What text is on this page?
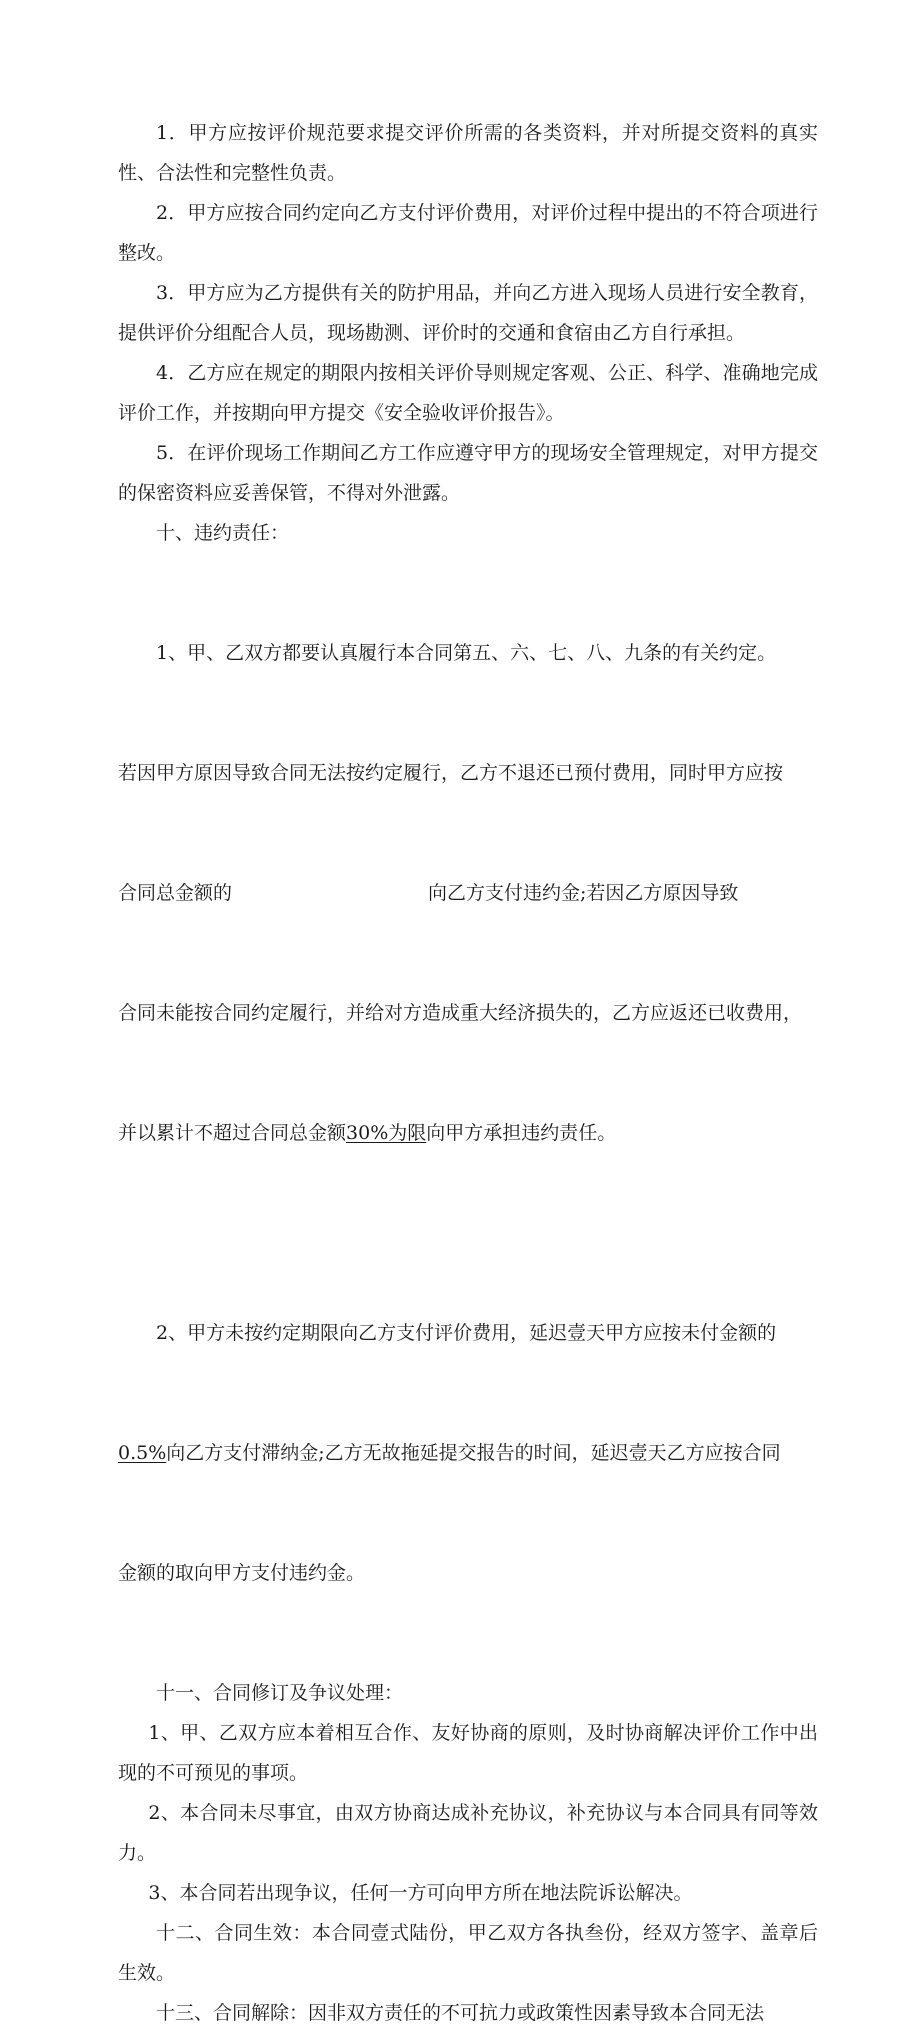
1．甲方应按评价规范要求提交评价所需的各类资料，并对所提交资料的真实性、合法性和完整性负责。

2．甲方应按合同约定向乙方支付评价费用，对评价过程中提出的不符合项进行整改。

3．甲方应为乙方提供有关的防护用品，并向乙方进入现场人员进行安全教育，提供评价分组配合人员，现场勘测、评价时的交通和食宿由乙方自行承担。

4．乙方应在规定的期限内按相关评价导则规定客观、公正、科学、准确地完成评价工作，并按期向甲方提交《安全验收评价报告》。

5．在评价现场工作期间乙方工作应遵守甲方的现场安全管理规定，对甲方提交的保密资料应妥善保管，不得对外泄露。

十、违约责任：

1、甲、乙双方都要认真履行本合同第五、六、七、八、九条的有关约定。

若因甲方原因导致合同无法按约定履行，乙方不退还已预付费用，同时甲方应按

合同总金额的	向乙方支付违约金;若因乙方原因导致

合同未能按合同约定履行，并给对方造成重大经济损失的，乙方应返还已收费用，

并以累计不超过合同总金额30%为限向甲方承担违约责任。

2、甲方未按约定期限向乙方支付评价费用，延迟壹天甲方应按未付金额的

0.5%向乙方支付滞纳金;乙方无故拖延提交报告的时间，延迟壹天乙方应按合同

金额的取向甲方支付违约金。

十一、合同修订及争议处理：

1、甲、乙双方应本着相互合作、友好协商的原则，及时协商解决评价工作中出现的不可预见的事项。

2、本合同未尽事宜，由双方协商达成补充协议，补充协议与本合同具有同等效力。

3、本合同若出现争议，任何一方可向甲方所在地法院诉讼解决。

十二、合同生效：本合同壹式陆份，甲乙双方各执叁份，经双方签字、盖章后生效。

十三、合同解除：因非双方责任的不可抗力或政策性因素导致本合同无法
